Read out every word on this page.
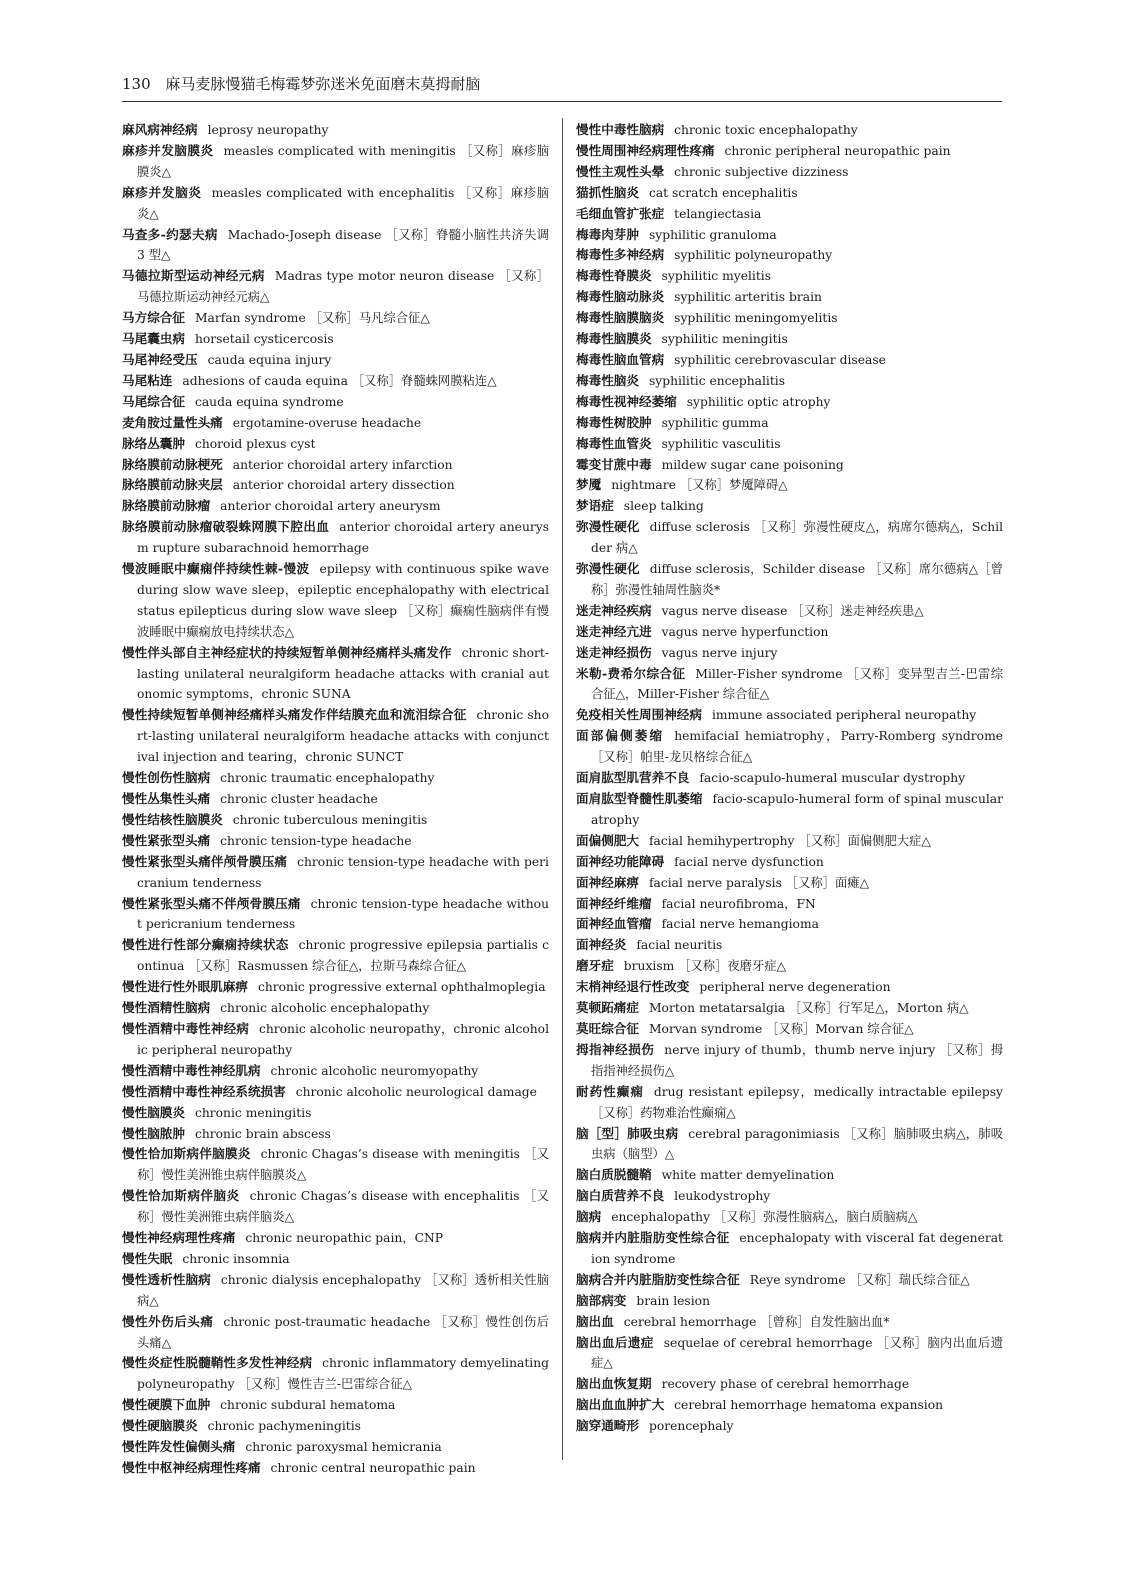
130 麻马麦脉慢猫毛梅霉梦弥迷米免面磨末莫拇耐脑
麻风病神经病 leprosy neuropathy
麻疹并发脑膜炎 measles complicated with meningitis ［又称］麻疹脑膜炎△
麻疹并发脑炎 measles complicated with encephalitis ［又称］麻疹脑炎△
马查多-约瑟夫病 Machado-Joseph disease ［又称］脊髓小脑性共济失调 3 型△
马德拉斯型运动神经元病 Madras type motor neuron disease ［又称］马德拉斯运动神经元病△
马方综合征 Marfan syndrome ［又称］马凡综合征△
马尾囊虫病 horsetail cysticercosis
马尾神经受压 cauda equina injury
马尾粘连 adhesions of cauda equina ［又称］脊髓蛛网膜粘连△
马尾综合征 cauda equina syndrome
麦角胺过量性头痛 ergotamine-overuse headache
脉络丛囊肿 choroid plexus cyst
脉络膜前动脉梗死 anterior choroidal artery infarction
脉络膜前动脉夹层 anterior choroidal artery dissection
脉络膜前动脉瘤 anterior choroidal artery aneurysm
脉络膜前动脉瘤破裂蛛网膜下腔出血 anterior choroidal artery aneurysm rupture subarachnoid hemorrhage
慢波睡眠中癫痫伴持续性棘-慢波 epilepsy with continuous spike wave during slow wave sleep，epileptic encephalopathy with electrical status epilepticus during slow wave sleep ［又称］癫痫性脑病伴有慢波睡眠中癫痫放电持续状态△
慢性伴头部自主神经症状的持续短暂单侧神经痛样头痛发作 chronic short-lasting unilateral neuralgiform headache attacks with cranial autonomic symptoms，chronic SUNA
慢性持续短暂单侧神经痛样头痛发作伴结膜充血和流泪综合征 chronic short-lasting unilateral neuralgiform headache attacks with conjunctival injection and tearing，chronic SUNCT
慢性创伤性脑病 chronic traumatic encephalopathy
慢性丛集性头痛 chronic cluster headache
慢性结核性脑膜炎 chronic tuberculous meningitis
慢性紧张型头痛 chronic tension-type headache
慢性紧张型头痛伴颅骨膜压痛 chronic tension-type headache with pericranium tenderness
慢性紧张型头痛不伴颅骨膜压痛 chronic tension-type headache without pericranium tenderness
慢性进行性部分癫痫持续状态 chronic progressive epilepsia partialis continua ［又称］Rasmussen 综合征△，拉斯马森综合征△
慢性进行性外眼肌麻痹 chronic progressive external ophthalmoplegia
慢性酒精性脑病 chronic alcoholic encephalopathy
慢性酒精中毒性神经病 chronic alcoholic neuropathy，chronic alcoholic peripheral neuropathy
慢性酒精中毒性神经肌病 chronic alcoholic neuromyopathy
慢性酒精中毒性神经系统损害 chronic alcoholic neurological damage
慢性脑膜炎 chronic meningitis
慢性脑脓肿 chronic brain abscess
慢性恰加斯病伴脑膜炎 chronic Chagas’s disease with meningitis ［又称］慢性美洲锥虫病伴脑膜炎△
慢性恰加斯病伴脑炎 chronic Chagas’s disease with encephalitis ［又称］慢性美洲锥虫病伴脑炎△
慢性神经病理性疼痛 chronic neuropathic pain，CNP
慢性失眠 chronic insomnia
慢性透析性脑病 chronic dialysis encephalopathy ［又称］透析相关性脑病△
慢性外伤后头痛 chronic post-traumatic headache ［又称］慢性创伤后头痛△
慢性炎症性脱髓鞘性多发性神经病 chronic inflammatory demyelinating polyneuropathy ［又称］慢性吉兰-巴雷综合征△
慢性硬膜下血肿 chronic subdural hematoma
慢性硬脑膜炎 chronic pachymeningitis
慢性阵发性偏侧头痛 chronic paroxysmal hemicrania
慢性中枢神经病理性疼痛 chronic central neuropathic pain
慢性中毒性脑病 chronic toxic encephalopathy
慢性周围神经病理性疼痛 chronic peripheral neuropathic pain
慢性主观性头晕 chronic subjective dizziness
猫抓性脑炎 cat scratch encephalitis
毛细血管扩张症 telangiectasia
梅毒肉芽肿 syphilitic granuloma
梅毒性多神经病 syphilitic polyneuropathy
梅毒性脊膜炎 syphilitic myelitis
梅毒性脑动脉炎 syphilitic arteritis brain
梅毒性脑膜脑炎 syphilitic meningomyelitis
梅毒性脑膜炎 syphilitic meningitis
梅毒性脑血管病 syphilitic cerebrovascular disease
梅毒性脑炎 syphilitic encephalitis
梅毒性视神经萎缩 syphilitic optic atrophy
梅毒性树胶肿 syphilitic gumma
梅毒性血管炎 syphilitic vasculitis
霉变甘蔗中毒 mildew sugar cane poisoning
梦魇 nightmare ［又称］梦魇障碍△
梦语症 sleep talking
弥漫性硬化 diffuse sclerosis ［又称］弥漫性硬皮△，病席尔德病△，Schilder 病△
弥漫性硬化 diffuse sclerosis，Schilder disease ［又称］席尔德病△［曾称］弥漫性轴周性脑炎*
迷走神经疾病 vagus nerve disease ［又称］迷走神经疾患△
迷走神经亢进 vagus nerve hyperfunction
迷走神经损伤 vagus nerve injury
米勒-费希尔综合征 Miller-Fisher syndrome ［又称］变异型吉兰-巴雷综合征△，Miller-Fisher 综合征△
免疫相关性周围神经病 immune associated peripheral neuropathy
面部偏侧萎缩 hemifacial hemiatrophy，Parry-Romberg syndrome ［又称］帕里-龙贝格综合征△
面肩肱型肌营养不良 facio-scapulo-humeral muscular dystrophy
面肩肱型脊髓性肌萎缩 facio-scapulo-humeral form of spinal muscular atrophy
面偏侧肥大 facial hemihypertrophy ［又称］面偏侧肥大症△
面神经功能障碍 facial nerve dysfunction
面神经麻痹 facial nerve paralysis ［又称］面瘫△
面神经纤维瘤 facial neurofibroma，FN
面神经血管瘤 facial nerve hemangioma
面神经炎 facial neuritis
磨牙症 bruxism ［又称］夜磨牙症△
末梢神经退行性改变 peripheral nerve degeneration
莫顿跖痛症 Morton metatarsalgia ［又称］行军足△，Morton 病△
莫旺综合征 Morvan syndrome ［又称］Morvan 综合征△
拇指神经损伤 nerve injury of thumb，thumb nerve injury ［又称］拇指指神经损伤△
耐药性癫痫 drug resistant epilepsy，medically intractable epilepsy ［又称］药物难治性癫痫△
脑［型］肺吸虫病 cerebral paragonimiasis ［又称］脑肺吸虫病△，肺吸虫病（脑型）△
脑白质脱髓鞘 white matter demyelination
脑白质营养不良 leukodystrophy
脑病 encephalopathy ［又称］弥漫性脑病△，脑白质脑病△
脑病并内脏脂肪变性综合征 encephalopaty with visceral fat degeneration syndrome
脑病合并内脏脂肪变性综合征 Reye syndrome ［又称］瑞氏综合征△
脑部病变 brain lesion
脑出血 cerebral hemorrhage ［曾称］自发性脑出血*
脑出血后遗症 sequelae of cerebral hemorrhage ［又称］脑内出血后遗症△
脑出血恢复期 recovery phase of cerebral hemorrhage
脑出血血肿扩大 cerebral hemorrhage hematoma expansion
脑穿通畸形 porencephaly
